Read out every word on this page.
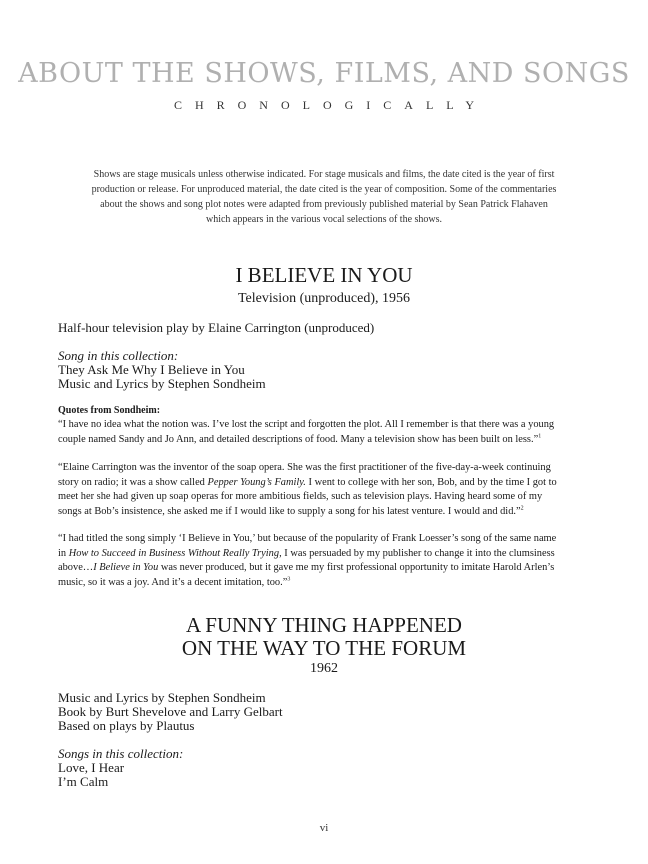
ABOUT THE SHOWS, FILMS, AND SONGS
CHRONOLOGICALLY
Shows are stage musicals unless otherwise indicated. For stage musicals and films, the date cited is the year of first
production or release. For unproduced material, the date cited is the year of composition. Some of the commentaries
about the shows and song plot notes were adapted from previously published material by Sean Patrick Flahaven
which appears in the various vocal selections of the shows.
I BELIEVE IN YOU
Television (unproduced), 1956
Half-hour television play by Elaine Carrington (unproduced)
Song in this collection:
They Ask Me Why I Believe in You
Music and Lyrics by Stephen Sondheim
Quotes from Sondheim:
“I have no idea what the notion was. I’ve lost the script and forgotten the plot. All I remember is that there was a young
couple named Sandy and Jo Ann, and detailed descriptions of food. Many a television show has been built on less.”$^1$
“Elaine Carrington was the inventor of the soap opera. She was the first practitioner of the five-day-a-week continuing
story on radio; it was a show called Pepper Young’s Family. I went to college with her son, Bob, and by the time I got to
meet her she had given up soap operas for more ambitious fields, such as television plays. Having heard some of my
songs at Bob’s insistence, she asked me if I would like to supply a song for his latest venture. I would and did.”$^2$
“I had titled the song simply ‘I Believe in You,’ but because of the popularity of Frank Loesser’s song of the same name
in How to Succeed in Business Without Really Trying, I was persuaded by my publisher to change it into the clumsiness
above…I Believe in You was never produced, but it gave me my first professional opportunity to imitate Harold Arlen’s
music, so it was a joy. And it’s a decent imitation, too.”$^3$
A FUNNY THING HAPPENED
ON THE WAY TO THE FORUM
1962
Music and Lyrics by Stephen Sondheim
Book by Burt Shevelove and Larry Gelbart
Based on plays by Plautus
Songs in this collection:
Love, I Hear
I’m Calm
vi
